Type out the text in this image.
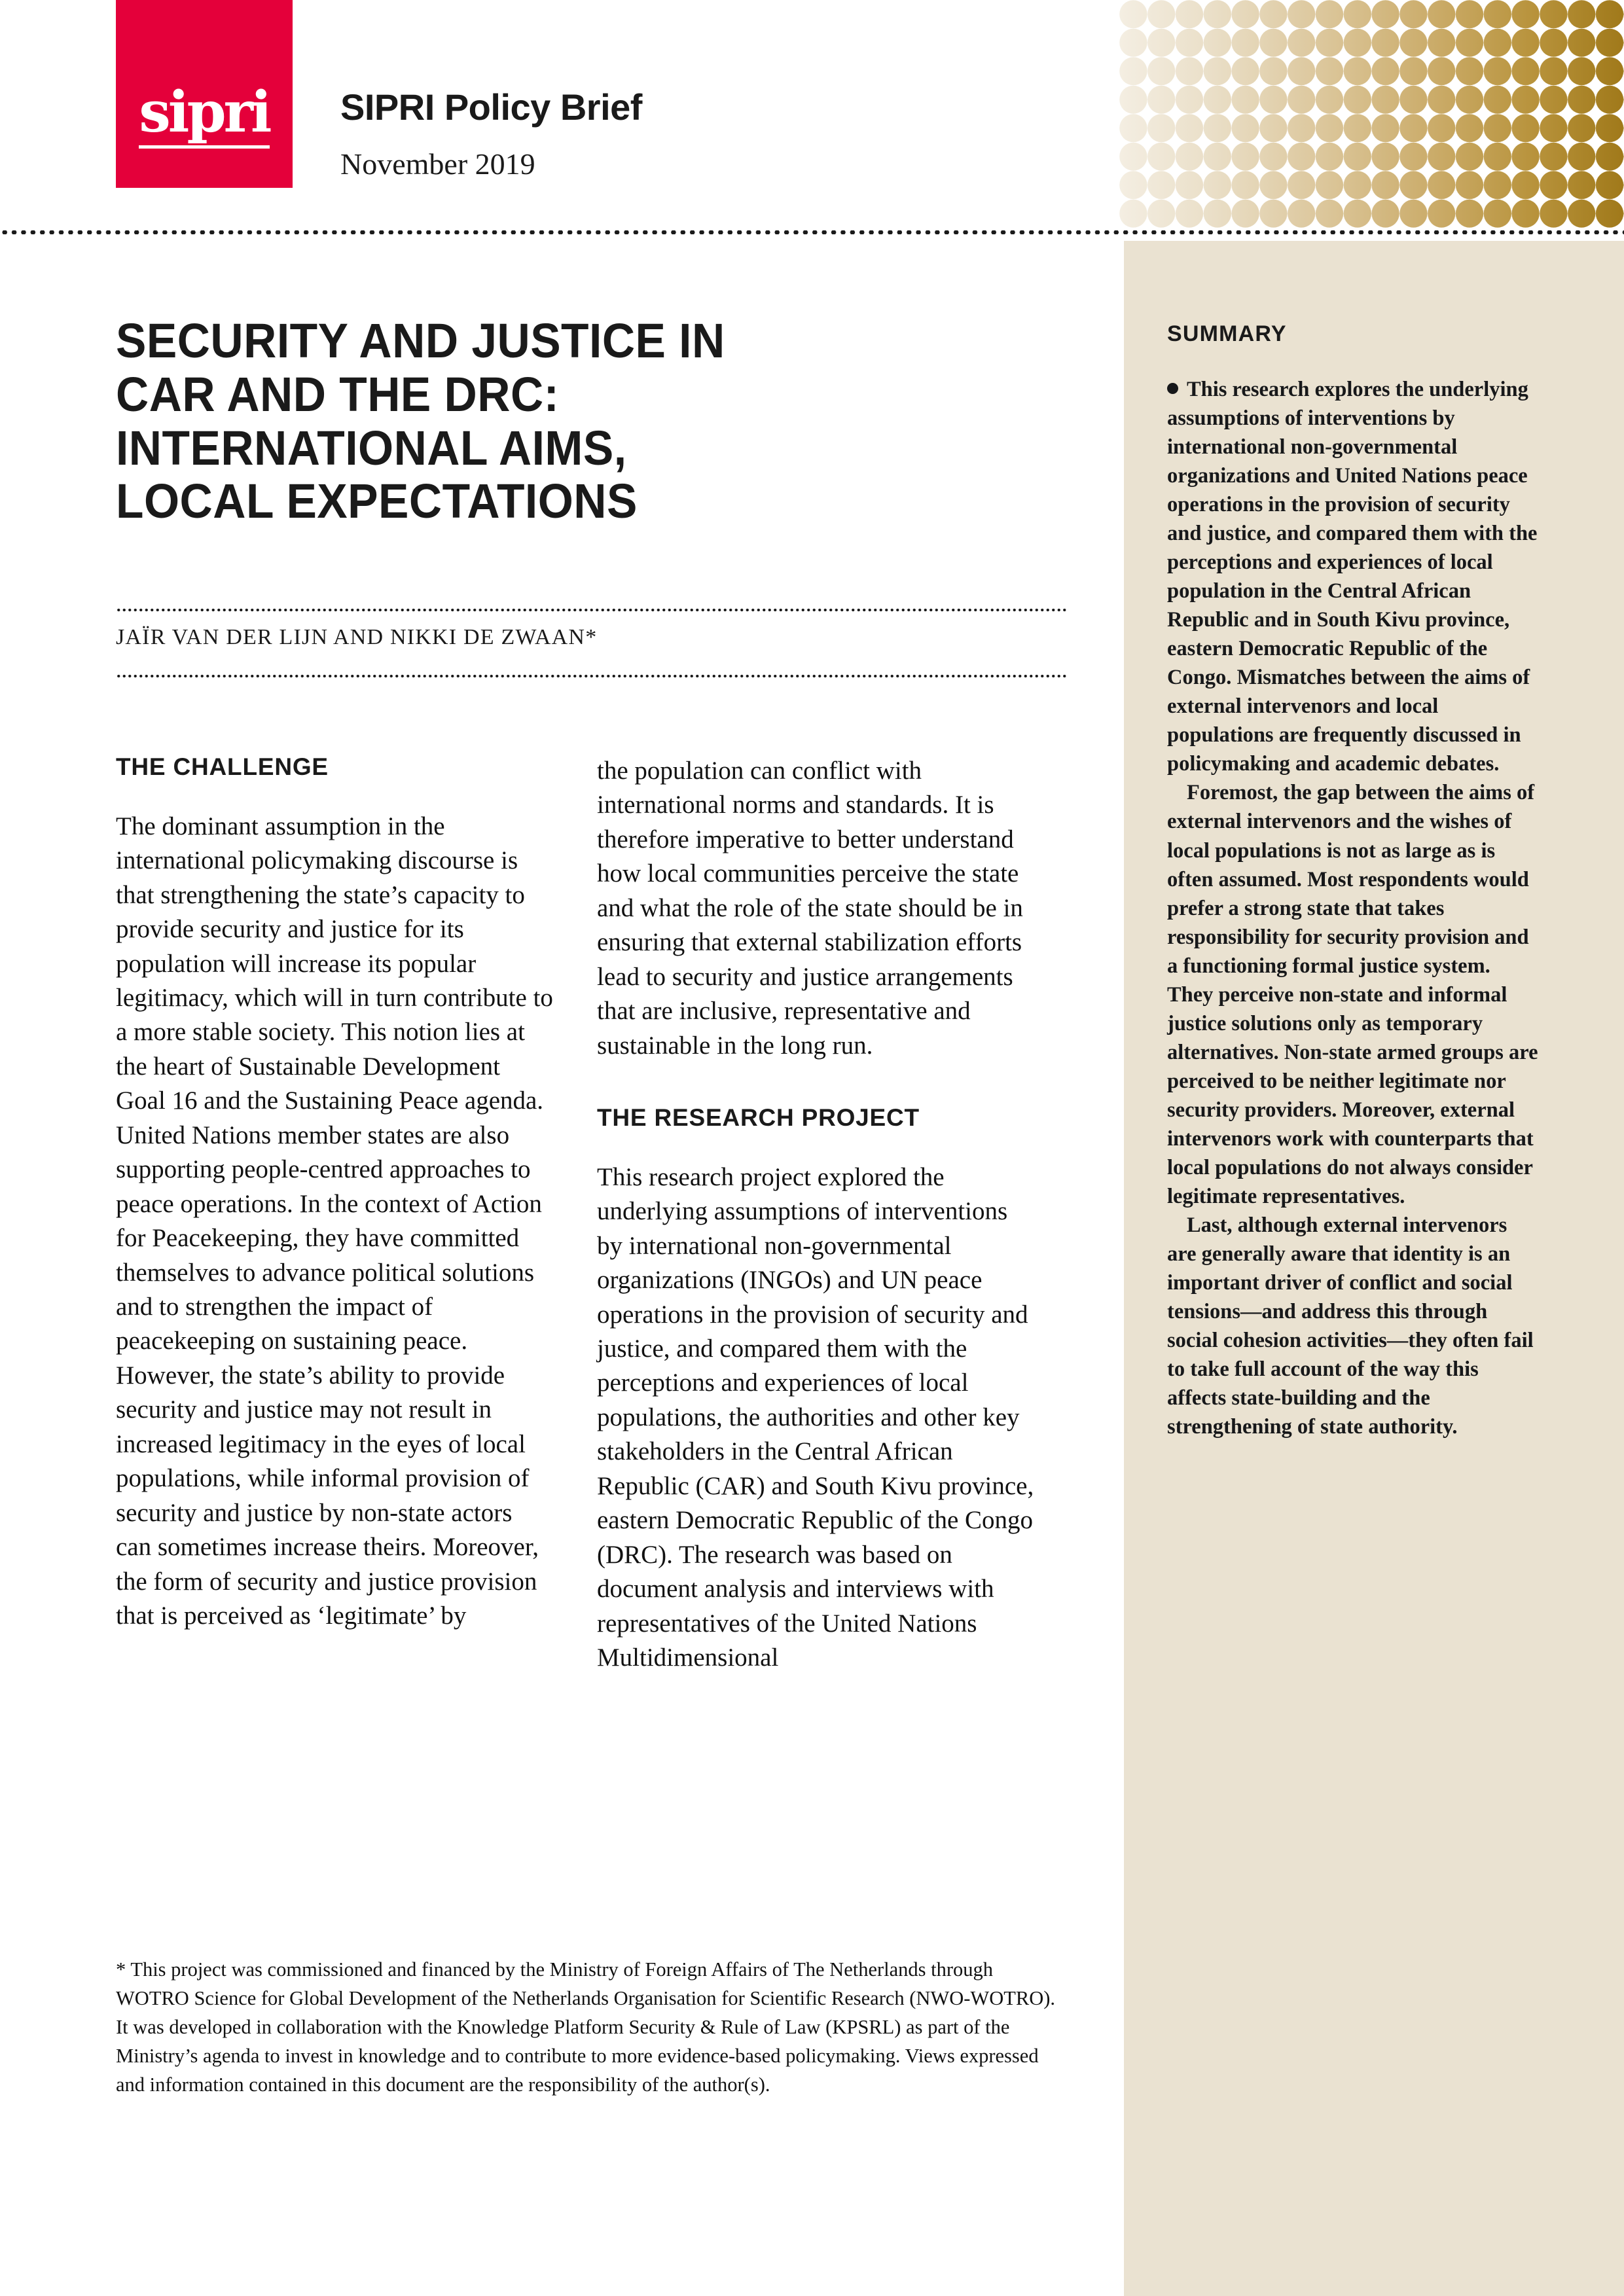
sipri	SIPRI Policy Brief
November 2019
SECURITY AND JUSTICE IN
CAR AND THE DRC:
INTERNATIONAL AIMS,
LOCAL EXPECTATIONS
JAÏR VAN DER LIJN AND NIKKI DE ZWAAN*
THE CHALLENGE

The dominant assumption in the international policymaking discourse is that strengthening the state’s capacity to provide security and justice for its population will increase its popular legitimacy, which will in turn contribute to a more stable society. This notion lies at the heart of Sustainable Development Goal 16 and the Sustaining Peace agenda. United Nations member states are also supporting people-centred approaches to peace operations. In the context of Action for Peacekeeping, they have committed themselves to advance political solutions and to strengthen the impact of peacekeeping on sustaining peace. However, the state’s ability to provide security and justice may not result in increased legitimacy in the eyes of local populations, while informal provision of security and justice by non-state actors can sometimes increase theirs. Moreover, the form of security and justice provision that is perceived as ‘legitimate’ by

the population can conflict with international norms and standards. It is therefore imperative to better understand how local communities perceive the state and what the role of the state should be in ensuring that external stabilization efforts lead to security and justice arrangements that are inclusive, representative and sustainable in the long run.

THE RESEARCH PROJECT

This research project explored the underlying assumptions of interventions by international non-governmental organizations (INGOs) and UN peace operations in the provision of security and justice, and compared them with the perceptions and experiences of local populations, the authorities and other key stakeholders in the Central African Republic (CAR) and South Kivu province, eastern Democratic Republic of the Congo (DRC). The research was based on document analysis and interviews with representatives of the United Nations Multidimensional

* This project was commissioned and financed by the Ministry of Foreign Affairs of The Netherlands through WOTRO Science for Global Development of the Netherlands Organisation for Scientific Research (NWO-WOTRO). It was developed in collaboration with the Knowledge Platform Security & Rule of Law (KPSRL) as part of the Ministry’s agenda to invest in knowledge and to contribute to more evidence-based policymaking. Views expressed and information contained in this document are the responsibility of the author(s).
SUMMARY

This research explores the underlying assumptions of interventions by international non-governmental organizations and United Nations peace operations in the provision of security and justice, and compared them with the perceptions and experiences of local population in the Central African Republic and in South Kivu province, eastern Democratic Republic of the Congo. Mismatches between the aims of external intervenors and local populations are frequently discussed in policymaking and academic debates.

Foremost, the gap between the aims of external intervenors and the wishes of local populations is not as large as is often assumed. Most respondents would prefer a strong state that takes responsibility for security provision and a functioning formal justice system. They perceive non-state and informal justice solutions only as temporary alternatives. Non-state armed groups are perceived to be neither legitimate nor security providers. Moreover, external intervenors work with counterparts that local populations do not always consider legitimate representatives.

Last, although external intervenors are generally aware that identity is an important driver of conflict and social tensions—and address this through social cohesion activities—they often fail to take full account of the way this affects state-building and the strengthening of state authority.
